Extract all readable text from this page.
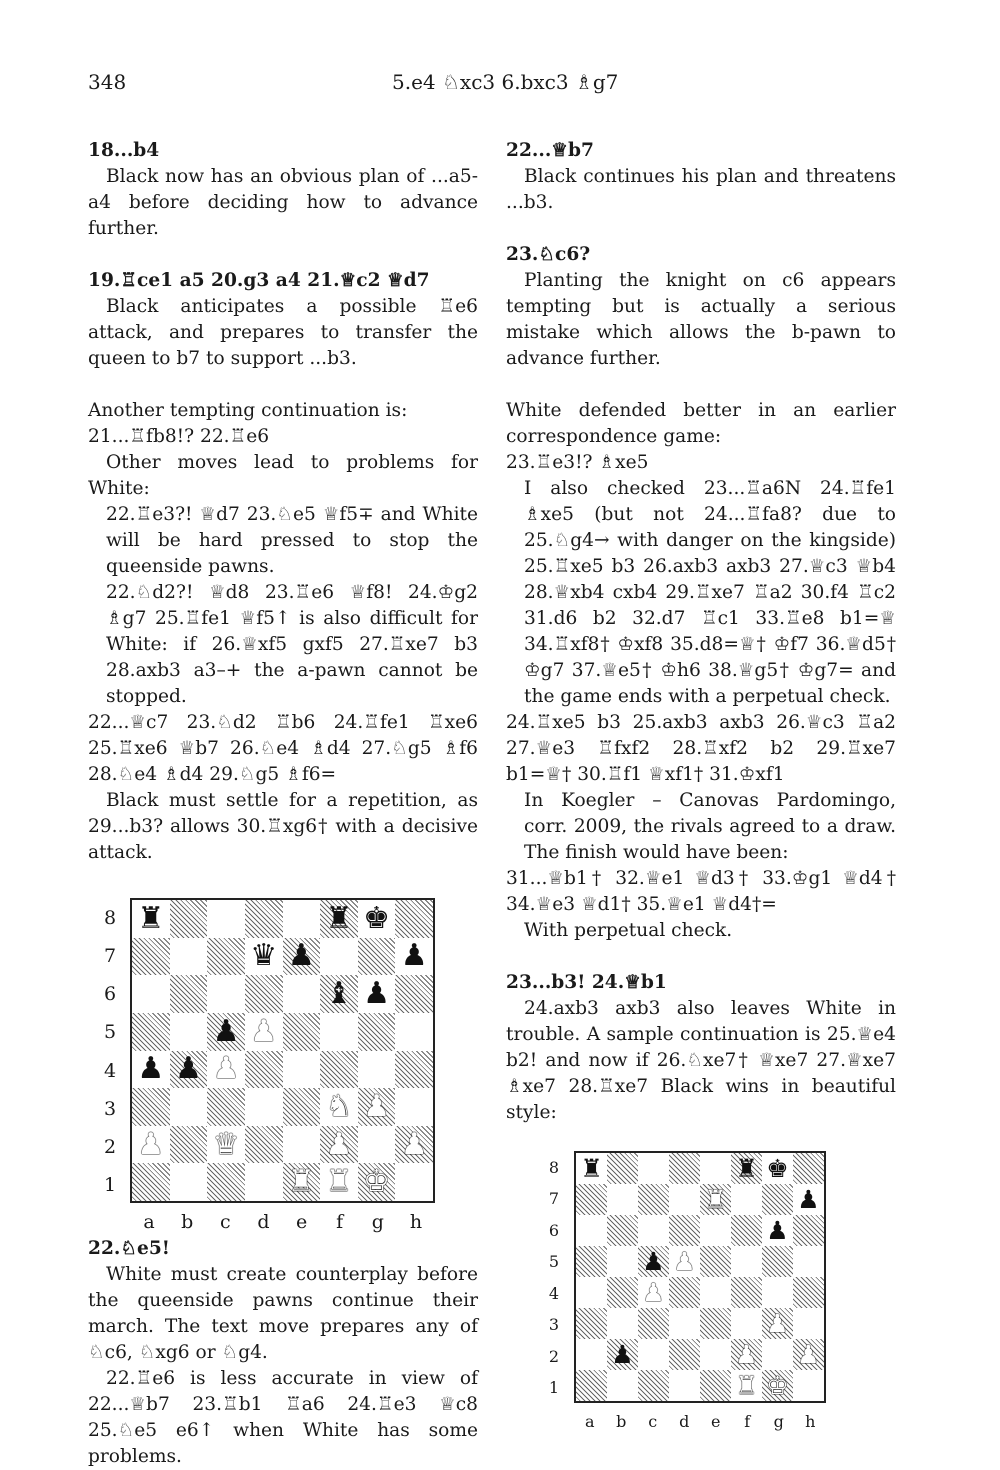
348	5.e4 ♘xc3 6.bxc3 ♗g7
18...b4
Black now has an obvious plan of ...a5-a4 before deciding how to advance further.
19.♖ce1 a5 20.g3 a4 21.♕c2 ♕d7
Black anticipates a possible ♖e6 attack, and prepares to transfer the queen to b7 to support ...b3.
Another tempting continuation is:
21...♖fb8!? 22.♖e6
Other moves lead to problems for White:
22.♖e3?! ♕d7 23.♘e5 ♕f5∓ and White will be hard pressed to stop the queenside pawns.
22.♘d2?! ♕d8 23.♖e6 ♕f8! 24.♔g2 ♗g7 25.♖fe1 ♕f5↑ is also difficult for White: if 26.♕xf5 gxf5 27.♖xe7 b3 28.axb3 a3–+ the a-pawn cannot be stopped.
22...♕c7 23.♘d2 ♖b6 24.♖fe1 ♖xe6 25.♖xe6 ♕b7 26.♘e4 ♗d4 27.♘g5 ♗f6 28.♘e4 ♗d4 29.♘g5 ♗f6=
Black must settle for a repetition, as 29...b3? allows 30.♖xg6† with a decisive attack.
♜	♜ ♚
♛ ♟	♟
♝ ♟
♟ ♟
♟ ♟ ♟
♞ ♟
♟ ♛	♟ ♟
♜ ♜ ♚
8
7
6
5
4
3
2
1
a	b	c	d	e	f	g	h
22.♘e5!
White must create counterplay before the queenside pawns continue their march. The text move prepares any of ♘c6, ♘xg6 or ♘g4.
22.♖e6 is less accurate in view of 22...♕b7 23.♖b1 ♖a6 24.♖e3 ♕c8 25.♘e5 e6↑ when White has some problems.
22...♕b7
Black continues his plan and threatens ...b3.
23.♘c6?
Planting the knight on c6 appears tempting but is actually a serious mistake which allows the b-pawn to advance further.
White defended better in an earlier correspondence game:
23.♖e3!? ♗xe5
I also checked 23...♖a6N 24.♖fe1 ♗xe5 (but not 24...♖fa8? due to 25.♘g4→ with danger on the kingside) 25.♖xe5 b3 26.axb3 axb3 27.♕c3 ♕b4 28.♕xb4 cxb4 29.♖xe7 ♖a2 30.f4 ♖c2 31.d6 b2 32.d7 ♖c1 33.♖e8 b1=♕ 34.♖xf8† ♔xf8 35.d8=♕† ♔f7 36.♕d5† ♔g7 37.♕e5† ♔h6 38.♕g5† ♔g7= and the game ends with a perpetual check.
24.♖xe5 b3 25.axb3 axb3 26.♕c3 ♖a2 27.♕e3 ♖fxf2 28.♖xf2 b2 29.♖xe7 b1=♕† 30.♖f1 ♕xf1† 31.♔xf1
In Koegler – Canovas Pardomingo, corr. 2009, the rivals agreed to a draw. The finish would have been:
31...♕b1† 32.♕e1 ♕d3† 33.♔g1 ♕d4† 34.♕e3 ♕d1† 35.♕e1 ♕d4†=
With perpetual check.
23...b3! 24.♕b1
24.axb3 axb3 also leaves White in trouble. A sample continuation is 25.♕e4 b2! and now if 26.♘xe7† ♕xe7 27.♕xe7 ♗xe7 28.♖xe7 Black wins in beautiful style:
♜	♜ ♚
♜	♟
♟
♟ ♟
♟
♟
♟	♟ ♟
♜ ♚
8
7
6
5
4
3
2
1
a	b	c	d	e	f	g	h
